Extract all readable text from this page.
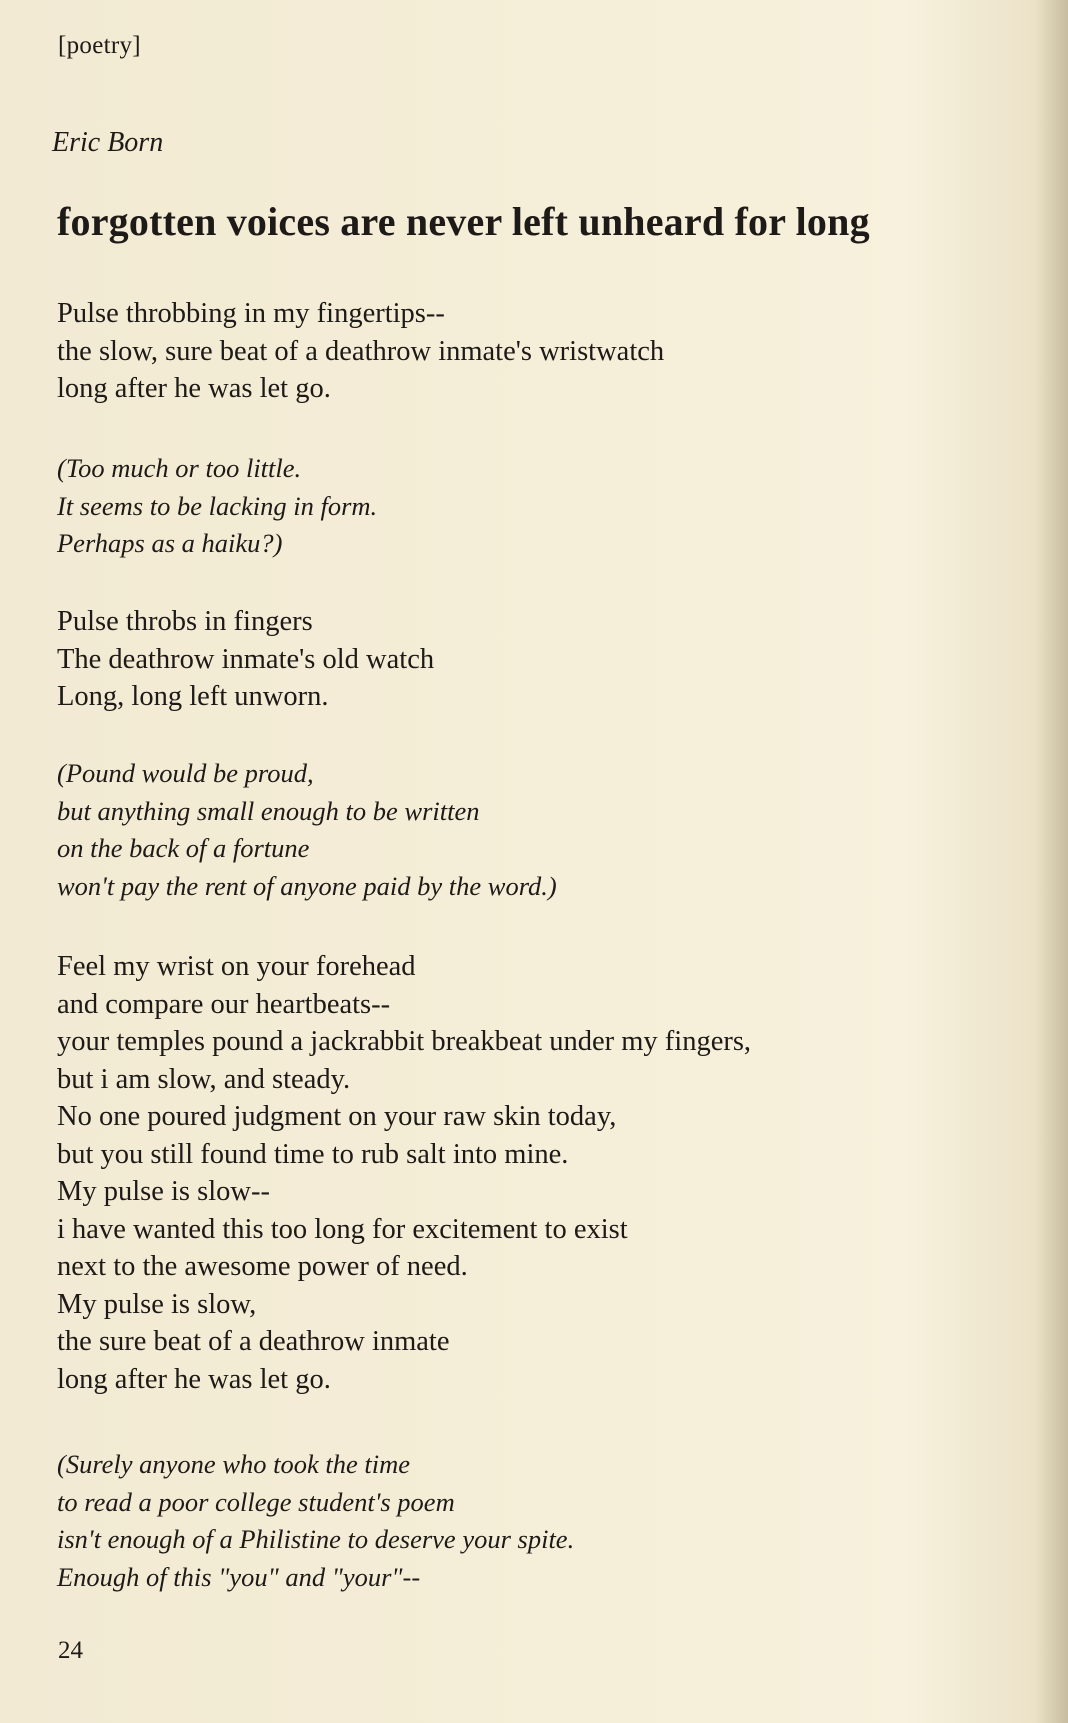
[poetry]
Eric Born
forgotten voices are never left unheard for long
Pulse throbbing in my fingertips--
the slow, sure beat of a deathrow inmate's wristwatch
long after he was let go.
(Too much or too little.
It seems to be lacking in form.
Perhaps as a haiku?)
Pulse throbs in fingers
The deathrow inmate's old watch
Long, long left unworn.
(Pound would be proud,
but anything small enough to be written
on the back of a fortune
won't pay the rent of anyone paid by the word.)
Feel my wrist on your forehead
and compare our heartbeats--
your temples pound a jackrabbit breakbeat under my fingers,
but i am slow, and steady.
No one poured judgment on your raw skin today,
but you still found time to rub salt into mine.
My pulse is slow--
i have wanted this too long for excitement to exist
next to the awesome power of need.
My pulse is slow,
the sure beat of a deathrow inmate
long after he was let go.
(Surely anyone who took the time
to read a poor college student's poem
isn't enough of a Philistine to deserve your spite.
Enough of this "you" and "your"--
24
